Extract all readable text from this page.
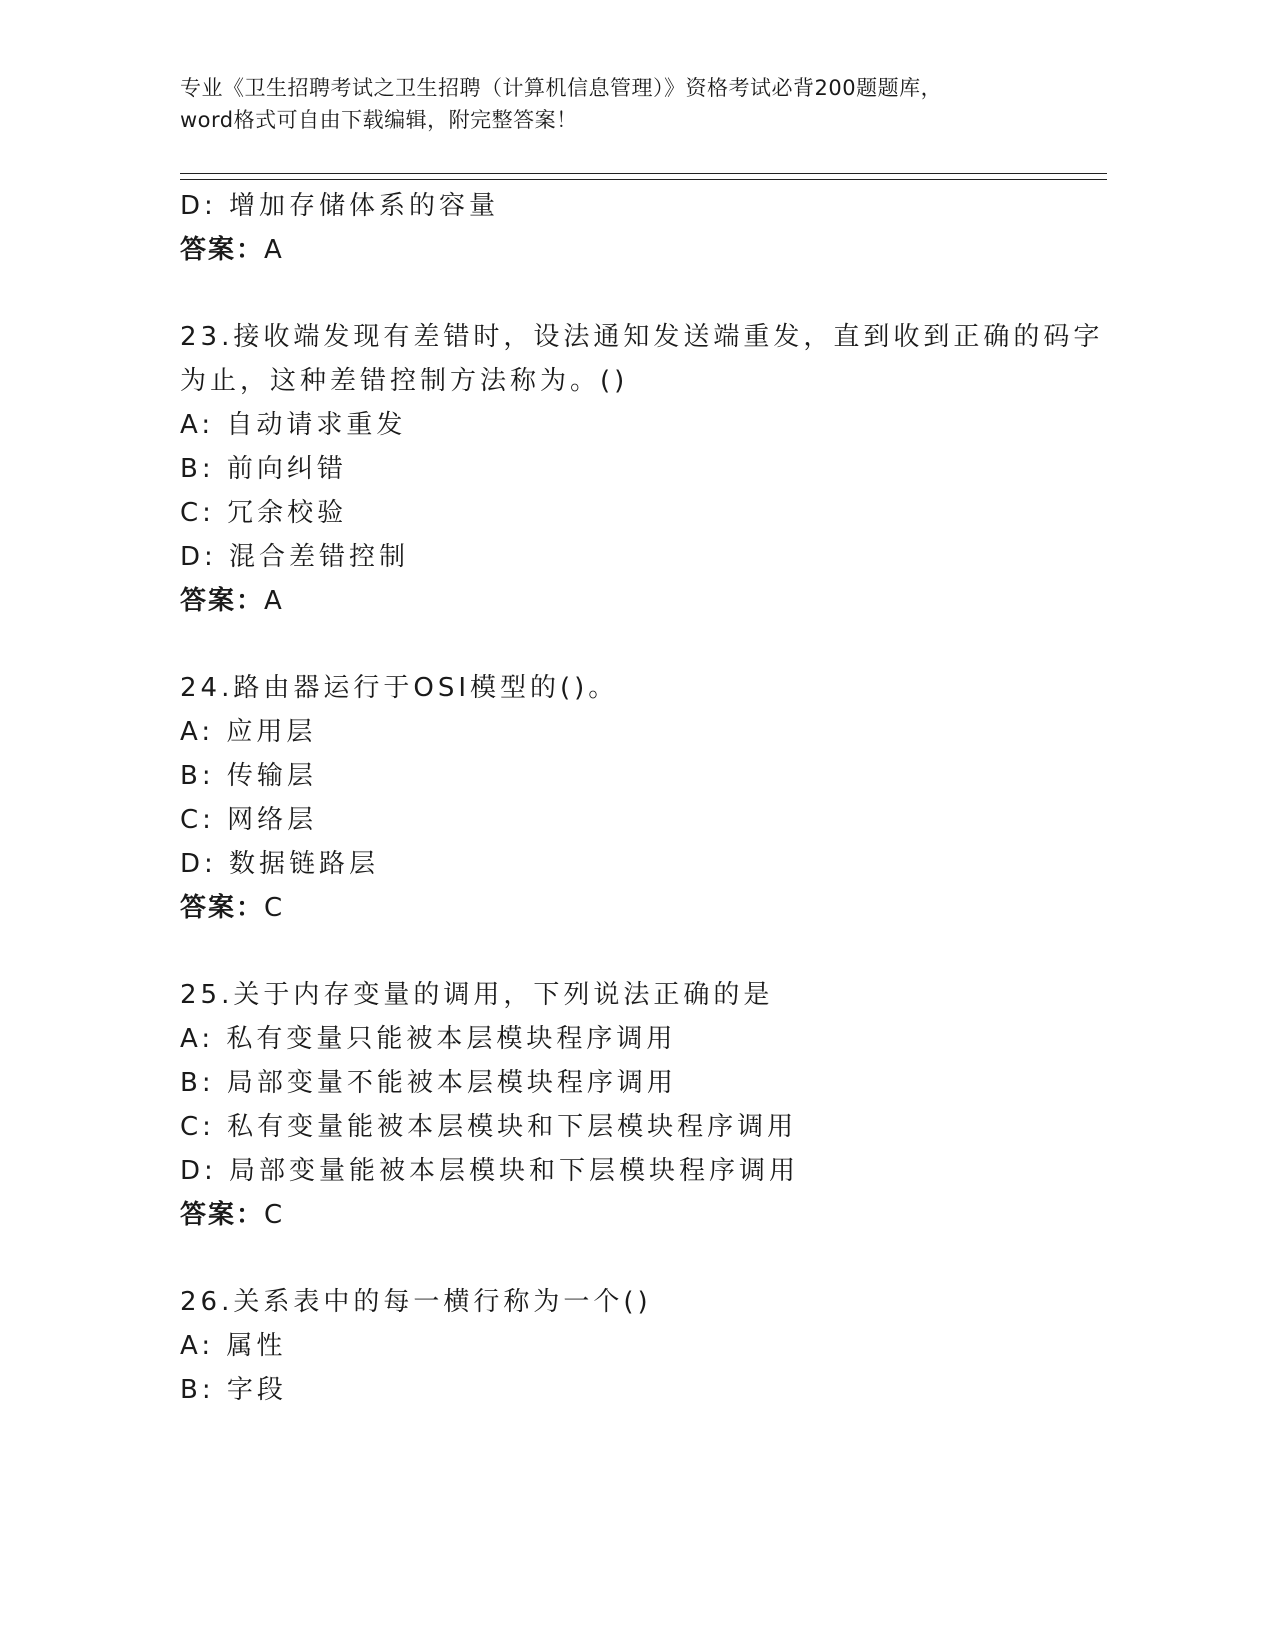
专业《卫生招聘考试之卫生招聘（计算机信息管理）》资格考试必背200题题库，
word格式可自由下载编辑，附完整答案！
D: 增加存储体系的容量
答案：A
23.接收端发现有差错时，设法通知发送端重发，直到收到正确的码字
为止，这种差错控制方法称为。()
A: 自动请求重发
B: 前向纠错
C: 冗余校验
D: 混合差错控制
答案：A
24.路由器运行于OSI模型的()。
A: 应用层
B: 传输层
C: 网络层
D: 数据链路层
答案：C
25.关于内存变量的调用，下列说法正确的是
A: 私有变量只能被本层模块程序调用
B: 局部变量不能被本层模块程序调用
C: 私有变量能被本层模块和下层模块程序调用
D: 局部变量能被本层模块和下层模块程序调用
答案：C
26.关系表中的每一横行称为一个()
A: 属性
B: 字段
